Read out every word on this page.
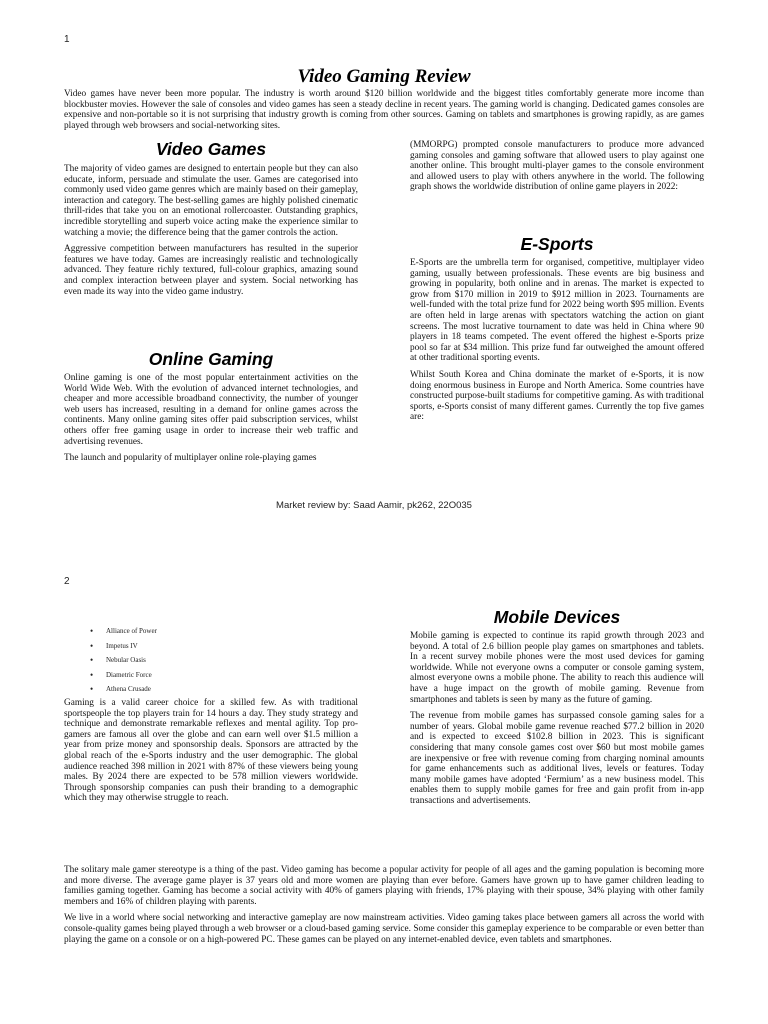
1
Video Gaming Review
Video games have never been more popular. The industry is worth around $120 billion worldwide and the biggest titles comfortably generate more income than blockbuster movies. However the sale of consoles and video games has seen a steady decline in recent years. The gaming world is changing. Dedicated games consoles are expensive and non-portable so it is not surprising that industry growth is coming from other sources. Gaming on tablets and smartphones is growing rapidly, as are games played through web browsers and social-networking sites.
Video Games

The majority of video games are designed to entertain people but they can also educate, inform, persuade and stimulate the user. Games are categorised into commonly used video game genres which are mainly based on their gameplay, interaction and category. The best-selling games are highly polished cinematic thrill-rides that take you on an emotional rollercoaster. Outstanding graphics, incredible storytelling and superb voice acting make the experience similar to watching a movie; the difference being that the gamer controls the action.

Aggressive competition between manufacturers has resulted in the superior features we have today. Games are increasingly realistic and technologically advanced. They feature richly textured, full-colour graphics, amazing sound and complex interaction between player and system. Social networking has even made its way into the video game industry.

Online Gaming

Online gaming is one of the most popular entertainment activities on the World Wide Web. With the evolution of advanced internet technologies, and cheaper and more accessible broadband connectivity, the number of younger web users has increased, resulting in a demand for online games across the continents. Many online gaming sites offer paid subscription services, whilst others offer free gaming usage in order to increase their web traffic and advertising revenues.

The launch and popularity of multiplayer online role-playing games

(MMORPG) prompted console manufacturers to produce more advanced gaming consoles and gaming software that allowed users to play against one another online. This brought multi-player games to the console environment and allowed users to play with others anywhere in the world. The following graph shows the worldwide distribution of online game players in 2022:
E-Sports

E-Sports are the umbrella term for organised, competitive, multiplayer video gaming, usually between professionals. These events are big business and growing in popularity, both online and in arenas. The market is expected to grow from $170 million in 2019 to $912 million in 2023. Tournaments are well-funded with the total prize fund for 2022 being worth $95 million. Events are often held in large arenas with spectators watching the action on giant screens. The most lucrative tournament to date was held in China where 90 players in 18 teams competed. The event offered the highest e-Sports prize pool so far at $34 million. This prize fund far outweighed the amount offered at other traditional sporting events.

Whilst South Korea and China dominate the market of e-Sports, it is now doing enormous business in Europe and North America. Some countries have constructed purpose-built stadiums for competitive gaming. As with traditional sports, e-Sports consist of many different games. Currently the top five games are:

Market review by: Saad Aamir, pk262, 22O035
2
• Alliance of Power
• Impetus IV
• Nebular Oasis
• Diametric Force
• Athena Crusade
Gaming is a valid career choice for a skilled few. As with traditional sportspeople the top players train for 14 hours a day. They study strategy and technique and demonstrate remarkable reflexes and mental agility. Top pro-gamers are famous all over the globe and can earn well over $1.5 million a year from prize money and sponsorship deals. Sponsors are attracted by the global reach of the e-Sports industry and the user demographic. The global audience reached 398 million in 2021 with 87% of these viewers being young males. By 2024 there are expected to be 578 million viewers worldwide. Through sponsorship companies can push their branding to a demographic which they may otherwise struggle to reach.
Mobile Devices

Mobile gaming is expected to continue its rapid growth through 2023 and beyond. A total of 2.6 billion people play games on smartphones and tablets. In a recent survey mobile phones were the most used devices for gaming worldwide. While not everyone owns a computer or console gaming system, almost everyone owns a mobile phone. The ability to reach this audience will have a huge impact on the growth of mobile gaming. Revenue from smartphones and tablets is seen by many as the future of gaming.

The revenue from mobile games has surpassed console gaming sales for a number of years. Global mobile game revenue reached $77.2 billion in 2020 and is expected to exceed $102.8 billion in 2023. This is significant considering that many console games cost over $60 but most mobile games are inexpensive or free with revenue coming from charging nominal amounts for game enhancements such as additional lives, levels or features. Today many mobile games have adopted ‘Fermium’ as a new business model. This enables them to supply mobile games for free and gain profit from in-app transactions and advertisements.

The solitary male gamer stereotype is a thing of the past. Video gaming has become a popular activity for people of all ages and the gaming population is becoming more and more diverse. The average game player is 37 years old and more women are playing than ever before. Gamers have grown up to have gamer children leading to families gaming together. Gaming has become a social activity with 40% of gamers playing with friends, 17% playing with their spouse, 34% playing with other family members and 16% of children playing with parents.

We live in a world where social networking and interactive gameplay are now mainstream activities. Video gaming takes place between gamers all across the world with console-quality games being played through a web browser or a cloud-based gaming service. Some consider this gameplay experience to be comparable or even better than playing the game on a console or on a high-powered PC. These games can be played on any internet-enabled device, even tablets and smartphones.
